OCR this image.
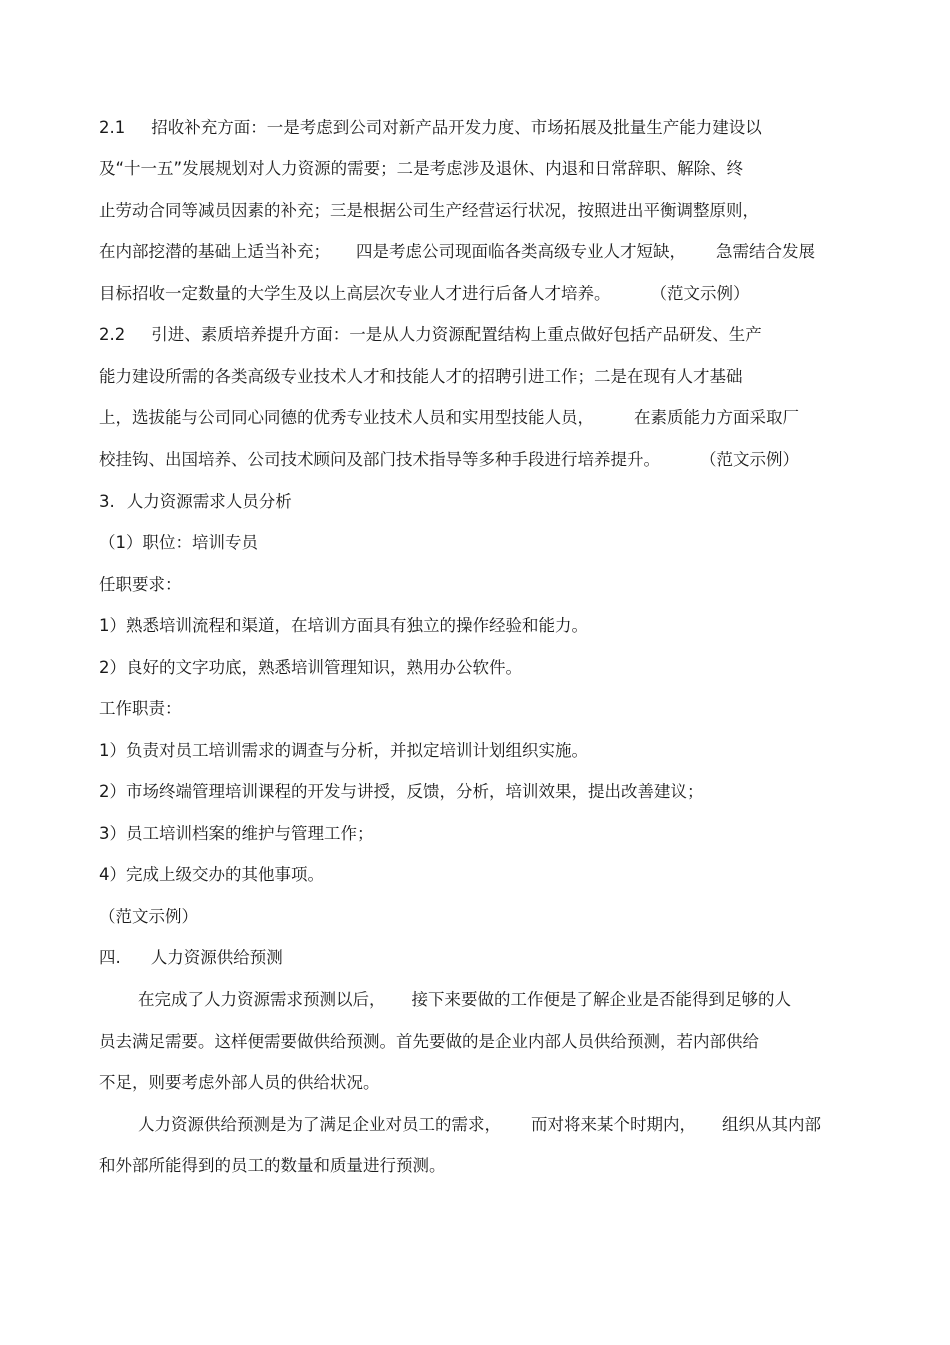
2.1 招收补充方面：一是考虑到公司对新产品开发力度、市场拓展及批量生产能力建设以
及“十一五”发展规划对人力资源的需要；二是考虑涉及退休、内退和日常辞职、解除、终
止劳动合同等减员因素的补充；三是根据公司生产经营运行状况，按照进出平衡调整原则，
在内部挖潜的基础上适当补充； 四是考虑公司现面临各类高级专业人才短缺， 急需结合发展
目标招收一定数量的大学生及以上高层次专业人才进行后备人才培养。 （范文示例）
2.2 引进、素质培养提升方面：一是从人力资源配置结构上重点做好包括产品研发、生产
能力建设所需的各类高级专业技术人才和技能人才的招聘引进工作；二是在现有人才基础
上，选拔能与公司同心同德的优秀专业技术人员和实用型技能人员， 在素质能力方面采取厂
校挂钩、出国培养、公司技术顾问及部门技术指导等多种手段进行培养提升。 （范文示例）
3. 人力资源需求人员分析
（1）职位：培训专员
任职要求：
1）熟悉培训流程和渠道，在培训方面具有独立的操作经验和能力。
2）良好的文字功底，熟悉培训管理知识，熟用办公软件。
工作职责：
1）负责对员工培训需求的调查与分析，并拟定培训计划组织实施。
2）市场终端管理培训课程的开发与讲授，反馈，分析，培训效果，提出改善建议；
3）员工培训档案的维护与管理工作；
4）完成上级交办的其他事项。
（范文示例）
四. 人力资源供给预测
在完成了人力资源需求预测以后， 接下来要做的工作便是了解企业是否能得到足够的人
员去满足需要。这样便需要做供给预测。首先要做的是企业内部人员供给预测，若内部供给
不足，则要考虑外部人员的供给状况。
人力资源供给预测是为了满足企业对员工的需求， 而对将来某个时期内， 组织从其内部
和外部所能得到的员工的数量和质量进行预测。
